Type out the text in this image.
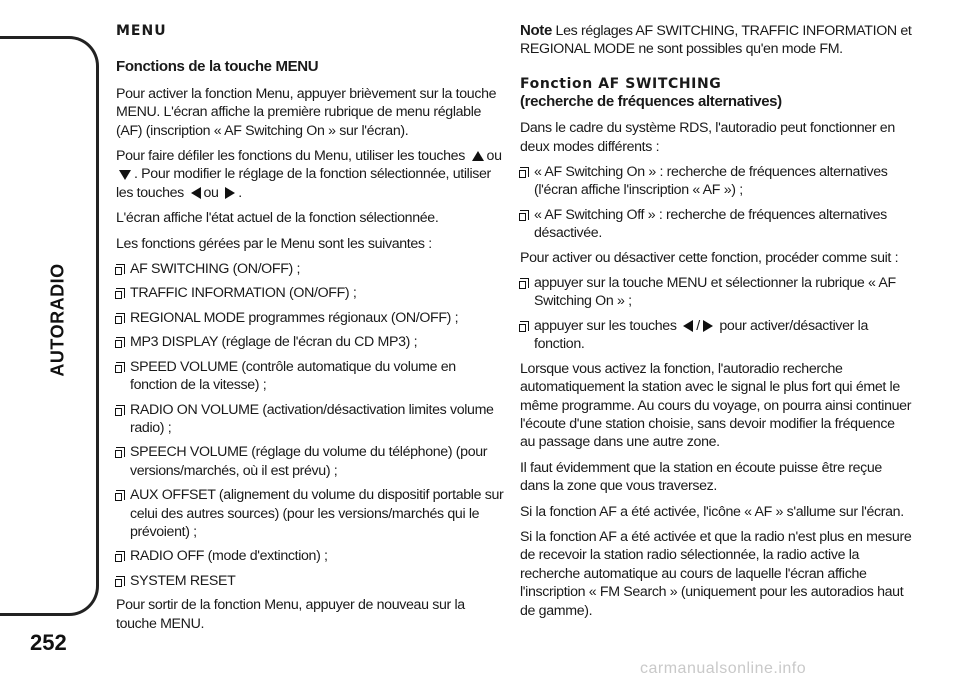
AUTORADIO
252
MENU
Fonctions de la touche MENU

Pour activer la fonction Menu, appuyer brièvement sur la touche MENU. L'écran affiche la première rubrique de menu réglable (AF) (inscription « AF Switching On » sur l'écran).

Pour faire défiler les fonctions du Menu, utiliser les touches ou . Pour modifier le réglage de la fonction sélectionnée, utiliser les touches ou .

L'écran affiche l'état actuel de la fonction sélectionnée.

Les fonctions gérées par le Menu sont les suivantes :

AF SWITCHING (ON/OFF) ;
TRAFFIC INFORMATION (ON/OFF) ;
REGIONAL MODE programmes régionaux (ON/OFF) ;
MP3 DISPLAY (réglage de l'écran du CD MP3) ;
SPEED VOLUME (contrôle automatique du volume en fonction de la vitesse) ;
RADIO ON VOLUME (activation/désactivation limites volume radio) ;
SPEECH VOLUME (réglage du volume du téléphone) (pour versions/marchés, où il est prévu) ;
AUX OFFSET (alignement du volume du dispositif portable sur celui des autres sources) (pour les versions/marchés qui le prévoient) ;
RADIO OFF (mode d'extinction) ;
SYSTEM RESET

Pour sortir de la fonction Menu, appuyer de nouveau sur la touche MENU.

Note Les réglages AF SWITCHING, TRAFFIC INFORMATION et REGIONAL MODE ne sont possibles qu'en mode FM.

Fonction AF SWITCHING
(recherche de fréquences alternatives)

Dans le cadre du système RDS, l'autoradio peut fonctionner en deux modes différents :

« AF Switching On » : recherche de fréquences alternatives (l'écran affiche l'inscription « AF ») ;
« AF Switching Off » : recherche de fréquences alternatives désactivée.

Pour activer ou désactiver cette fonction, procéder comme suit :

appuyer sur la touche MENU et sélectionner la rubrique « AF Switching On » ;
appuyer sur les touches / pour activer/désactiver la fonction.

Lorsque vous activez la fonction, l'autoradio recherche automatiquement la station avec le signal le plus fort qui émet le même programme. Au cours du voyage, on pourra ainsi continuer l'écoute d'une station choisie, sans devoir modifier la fréquence au passage dans une autre zone.

Il faut évidemment que la station en écoute puisse être reçue dans la zone que vous traversez.

Si la fonction AF a été activée, l'icône « AF » s'allume sur l'écran.

Si la fonction AF a été activée et que la radio n'est plus en mesure de recevoir la station radio sélectionnée, la radio active la recherche automatique au cours de laquelle l'écran affiche l'inscription « FM Search » (uniquement pour les autoradios haut de gamme).

carmanualsonline.info
